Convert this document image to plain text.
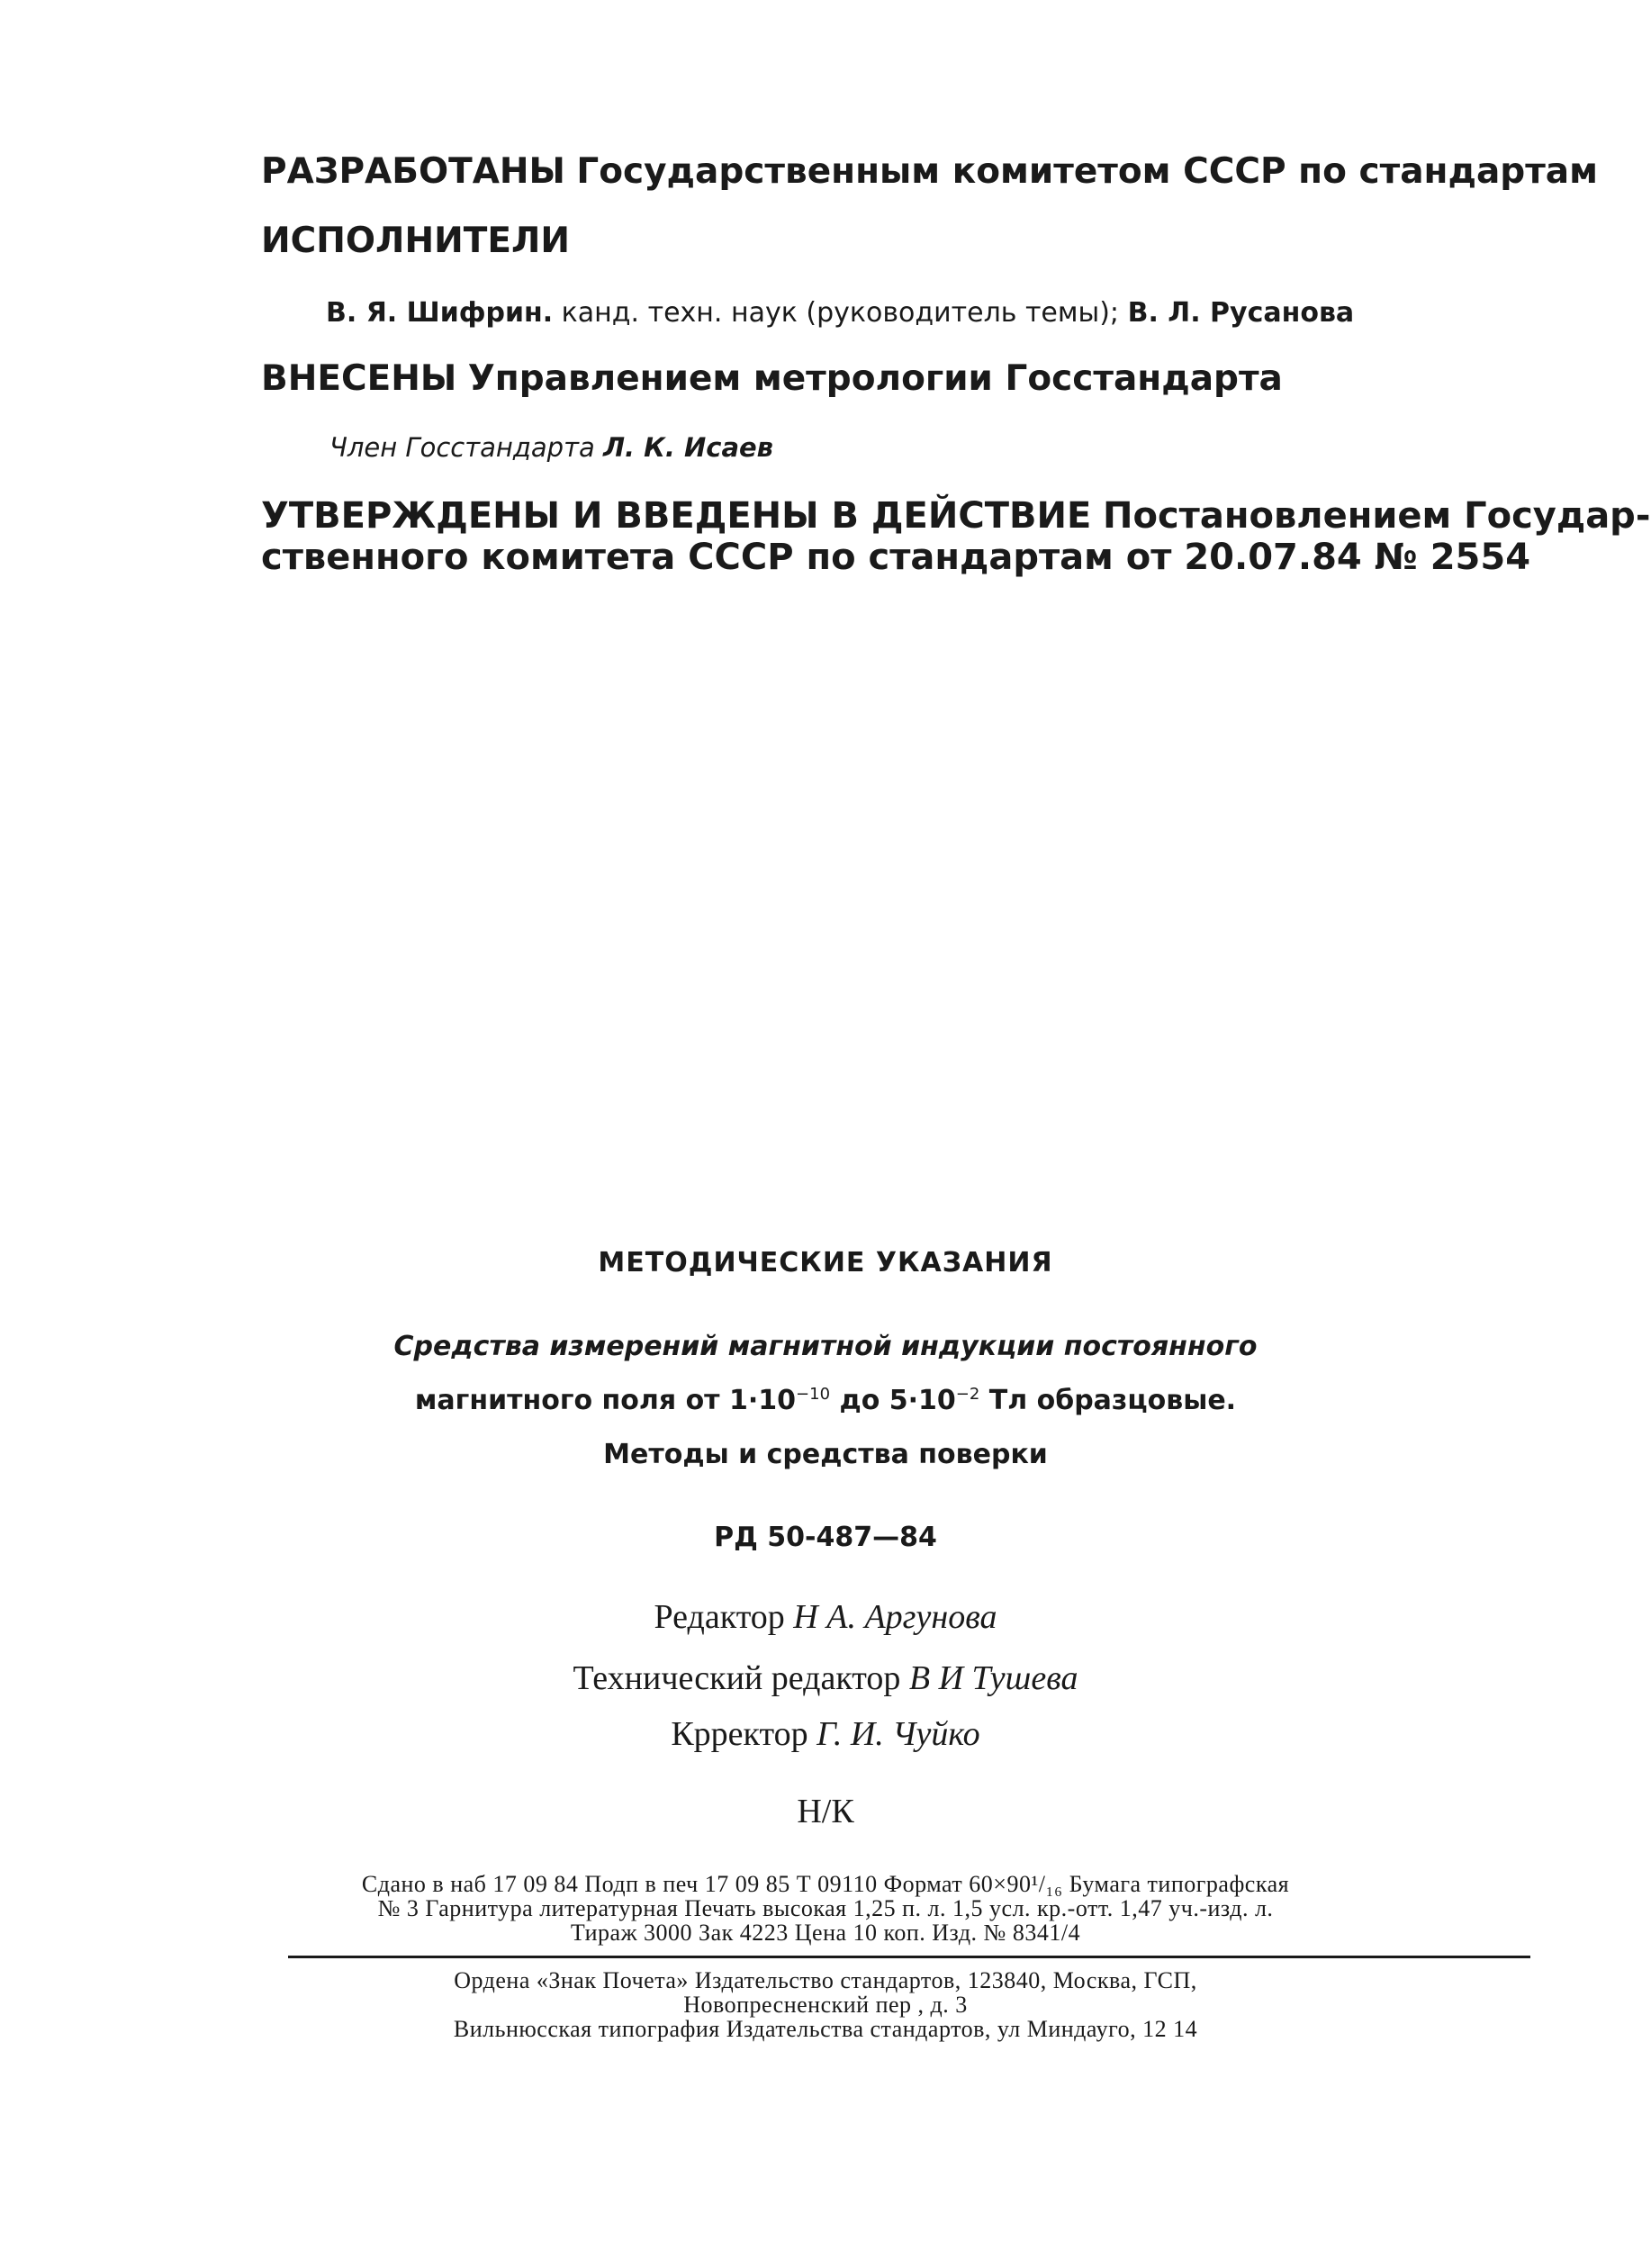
РАЗРАБОТАНЫ Государственным комитетом СССР по стандартам
ИСПОЛНИТЕЛИ
В. Я. Шифрин. канд. техн. наук (руководитель темы); В. Л. Русанова
ВНЕСЕНЫ Управлением метрологии Госстандарта
Член Госстандарта Л. К. Исаев
УТВЕРЖДЕНЫ И ВВЕДЕНЫ В ДЕЙСТВИЕ Постановлением Государ-
ственного комитета СССР по стандартам от 20.07.84 № 2554
МЕТОДИЧЕСКИЕ УКАЗАНИЯ
Средства измерений магнитной индукции постоянного
магнитного поля от $1\cdot 10^{-10}$ до $5\cdot 10^{-2}$ Тл образцовые.
Методы и средства поверки
РД 50-487—84
Редактор Н А. Аргунова
Технический редактор В И Тушева
Крректор Г. И. Чуйко
Н/К
Сдано в наб 17 09 84 Подп в печ 17 09 85 Т 09110 Формат 60×90¹/₁₆ Бумага типографская
№ 3 Гарнитура литературная Печать высокая 1,25 п. л. 1,5 усл. кр.-отт. 1,47 уч.-изд. л.
Тираж 3000 Зак 4223 Цена 10 коп. Изд. № 8341/4
Ордена «Знак Почета» Издательство стандартов, 123840, Москва, ГСП,
Новопресненский пер , д. 3
Вильнюсская типография Издательства стандартов, ул Миндауго, 12 14
